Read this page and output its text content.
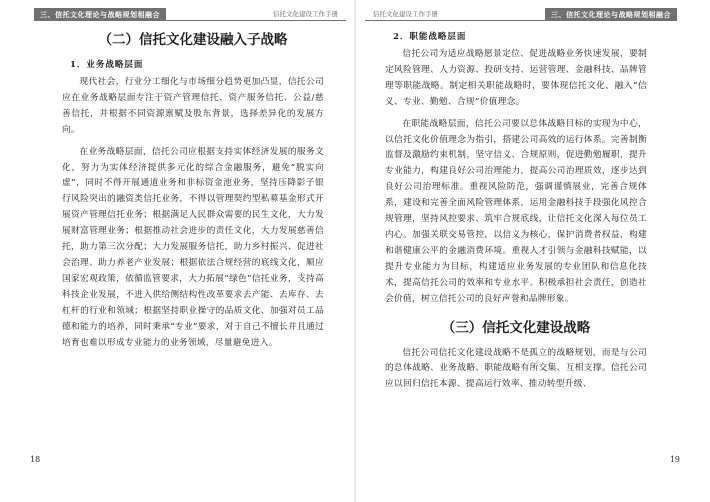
三、信托文化理论与战略规划相融合	信托文化建设工作手册
（二）信托文化建设融入子战略
1．业务战略层面

现代社会，行业分工细化与市场细分趋势更加凸显，信托公司应在业务战略层面专注于资产管理信托、资产服务信托、公益/慈善信托，并根据不同资源禀赋及股东背景，选择差异化的发展方向。

在业务战略层面，信托公司应根据支持实体经济发展的服务文化，努力为实体经济提供多元化的综合金融服务，避免“脱实向虚”，同时不得开展通道业务和非标资金池业务，坚持压降影子银行风险突出的融资类信托业务，不得以管理契约型私募基金形式开展资产管理信托业务；根据满足人民群众需要的民生文化，大力发展财富管理业务；根据推动社会进步的责任文化，大力发展慈善信托，助力第三次分配；大力发展服务信托，助力乡村振兴、促进社会治理、助力养老产业发展；根据依法合规经营的底线文化，顺应国家宏观政策，依循监管要求，大力拓展“绿色”信托业务，支持高科技企业发展，不进入供给侧结构性改革要求去产能、去库存、去杠杆的行业和领域；根据坚持职业操守的品质文化、加强对员工品德和能力的培养，同时秉承“专业”要求，对于自己不擅长并且通过培育也难以形成专业能力的业务领域，尽量避免进入。

18
信托文化建设工作手册	三、信托文化理论与战略规划相融合
2．职能战略层面

信托公司为适应战略愿景定位、促进战略业务快速发展，要制定风险管理、人力资源、投研支持、运营管理、金融科技、品牌管理等职能战略。制定相关职能战略时，要体现信托文化，融入“信义、专业、勤勉、合规”价值理念。

在职能战略层面，信托公司要以总体战略目标的实现为中心，以信托文化价值理念为指引，搭建公司高效的运行体系。完善制衡监督及激励约束机制，坚守信义、合规原则，促进勤勉履职，提升专业能力，构建良好公司治理能力，提高公司治理质效，逐步达到良好公司治理标准。重视风险防范，强调谨慎展业，完善合规体系，建设和完善全面风险管理体系，运用金融科技手段强化风控合规管理，坚持风控要求、筑牢合规底线，让信托文化深入每位员工内心。加强关联交易管控，以信义为核心，保护消费者权益，构建和谐健康公平的金融消费环境。重视人才引领与金融科技赋能，以提升专业能力为目标，构建适应业务发展的专业团队和信息化技术，提高信托公司的效率和专业水平。积极承担社会责任，创造社会价值，树立信托公司的良好声誉和品牌形象。

（三）信托文化建设战略

信托公司信托文化建设战略不是孤立的战略规划，而是与公司的总体战略、业务战略、职能战略有所交集、互相支撑。信托公司应以回归信托本源、提高运行效率、推动转型升级、

19
